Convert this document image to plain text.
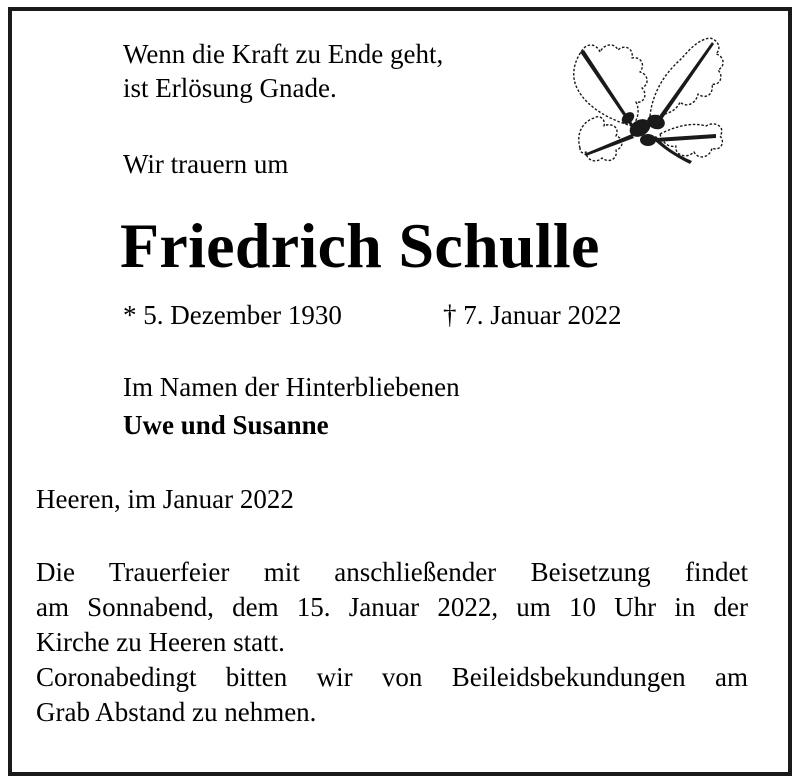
Wenn die Kraft zu Ende geht,
ist Erlösung Gnade.

Wir trauern um

Friedrich Schulle

* 5. Dezember 1930	† 7. Januar 2022

Im Namen der Hinterbliebenen

Uwe und Susanne

Heeren, im Januar 2022

Die Trauerfeier mit anschließender Beisetzung findet
am Sonnabend, dem 15. Januar 2022, um 10 Uhr in der
Kirche zu Heeren statt.
Coronabedingt bitten wir von Beileidsbekundungen am
Grab Abstand zu nehmen.
